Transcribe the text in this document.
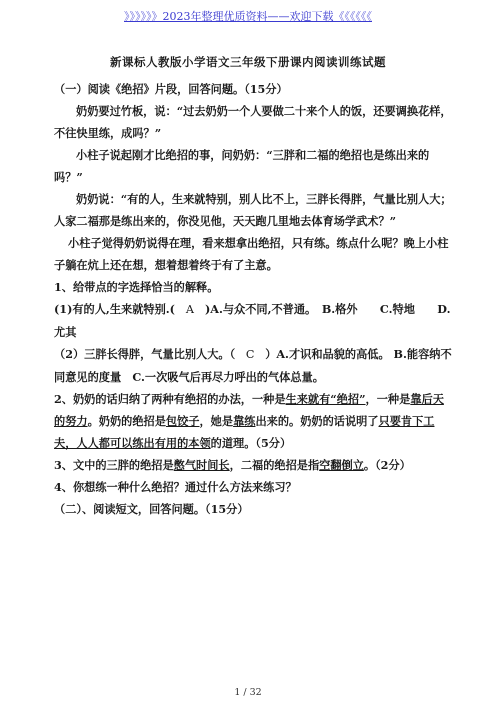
》》》》》》2023年整理优质资料——欢迎下载《《《《《《
新课标人教版小学语文三年级下册课内阅读训练试题

（一）阅读《绝招》片段，回答问题。（15分）

奶奶要过竹板，说：“过去奶奶一个人要做二十来个人的饭，还要调换花样，不往快里练，成吗？”

小柱子说起刚才比绝招的事，问奶奶：“三胖和二福的绝招也是练出来的吗？”

奶奶说：“有的人，生来就特别，别人比不上，三胖长得胖，气量比别人大；人家二福那是练出来的，你没见他，天天跑几里地去体育场学武术？”

小柱子觉得奶奶说得在理，看来想拿出绝招，只有练。练点什么呢？晚上小柱子躺在炕上还在想，想着想着终于有了主意。

1、给带点的字选择恰当的解释。

(1)有的人,生来就特别.( A )A.与众不同,不普通。　B.格外　　C.特地　　D.尤其

（2）三胖长得胖，气量比别人大。（ C ）A.才识和品貌的高低。 B.能容纳不同意见的度量　C.一次吸气后再尽力呼出的气体总量。

2、奶奶的话归纳了两种有绝招的办法，一种是生来就有“绝招”，一种是靠后天的努力。奶奶的绝招是包饺子，她是靠练出来的。奶奶的话说明了只要肯下工夫，人人都可以练出有用的本领的道理。（5分）

3、文中的三胖的绝招是憋气时间长，二福的绝招是指空翻倒立。（2分）

4、你想练一种什么绝招？通过什么方法来练习？

（二）、阅读短文，回答问题。（15分）

1 / 32
